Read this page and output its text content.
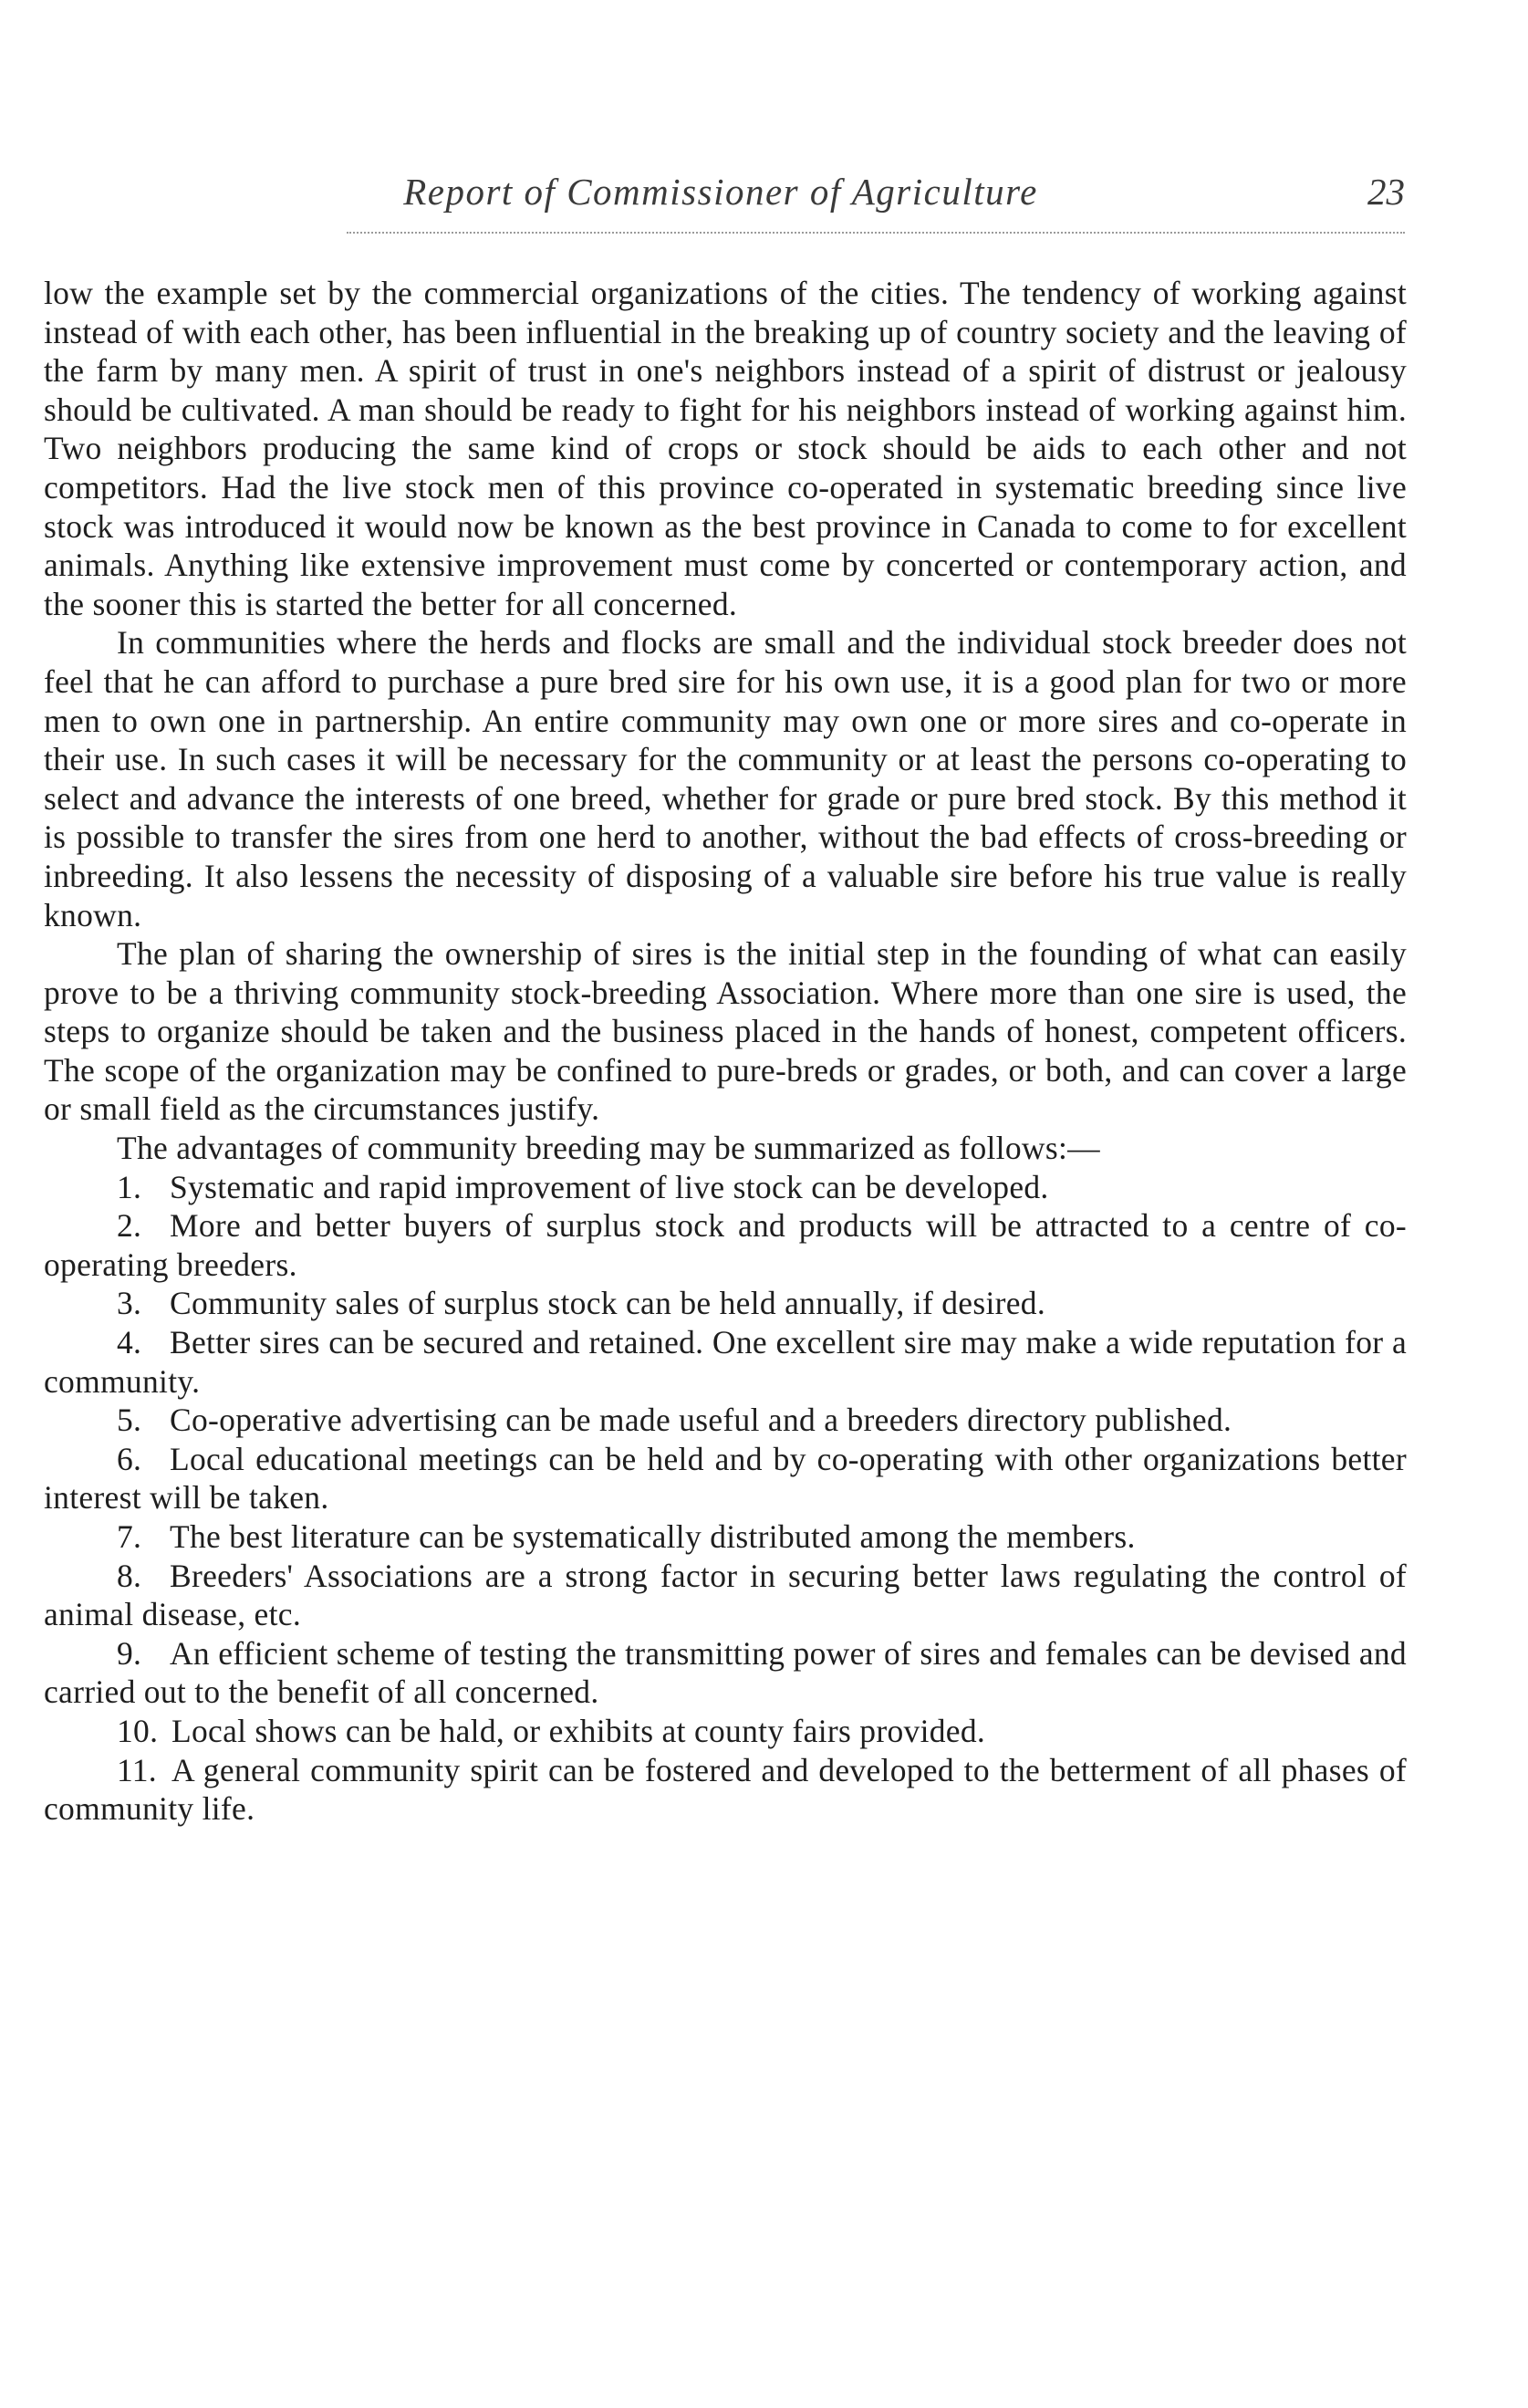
Report of Commissioner of Agriculture	23

low the example set by the commercial organizations of the cities. The tendency of working against instead of with each other, has been influential in the breaking up of country society and the leaving of the farm by many men. A spirit of trust in one's neighbors instead of a spirit of distrust or jealousy should be cultivated. A man should be ready to fight for his neighbors instead of working against him. Two neighbors producing the same kind of crops or stock should be aids to each other and not competitors. Had the live stock men of this province co-operated in systematic breeding since live stock was introduced it would now be known as the best province in Canada to come to for excellent animals. Anything like extensive improvement must come by concerted or contemporary action, and the sooner this is started the better for all concerned.

In communities where the herds and flocks are small and the individual stock breeder does not feel that he can afford to purchase a pure bred sire for his own use, it is a good plan for two or more men to own one in partnership. An entire community may own one or more sires and co-operate in their use. In such cases it will be necessary for the community or at least the persons co-operating to select and advance the interests of one breed, whether for grade or pure bred stock. By this method it is possible to transfer the sires from one herd to another, without the bad effects of cross-breeding or inbreeding. It also lessens the necessity of disposing of a valuable sire before his true value is really known.

The plan of sharing the ownership of sires is the initial step in the founding of what can easily prove to be a thriving community stock-breeding Association. Where more than one sire is used, the steps to organize should be taken and the business placed in the hands of honest, competent officers. The scope of the organization may be confined to pure-breds or grades, or both, and can cover a large or small field as the circumstances justify.

The advantages of community breeding may be summarized as follows:—

1. Systematic and rapid improvement of live stock can be developed.

2. More and better buyers of surplus stock and products will be attracted to a centre of co-operating breeders.

3. Community sales of surplus stock can be held annually, if desired.

4. Better sires can be secured and retained. One excellent sire may make a wide reputation for a community.

5. Co-operative advertising can be made useful and a breeders directory published.

6. Local educational meetings can be held and by co-operating with other organizations better interest will be taken.

7. The best literature can be systematically distributed among the members.

8. Breeders' Associations are a strong factor in securing better laws regulating the control of animal disease, etc.

9. An efficient scheme of testing the transmitting power of sires and females can be devised and carried out to the benefit of all concerned.

10. Local shows can be hald, or exhibits at county fairs provided.

11. A general community spirit can be fostered and developed to the betterment of all phases of community life.
